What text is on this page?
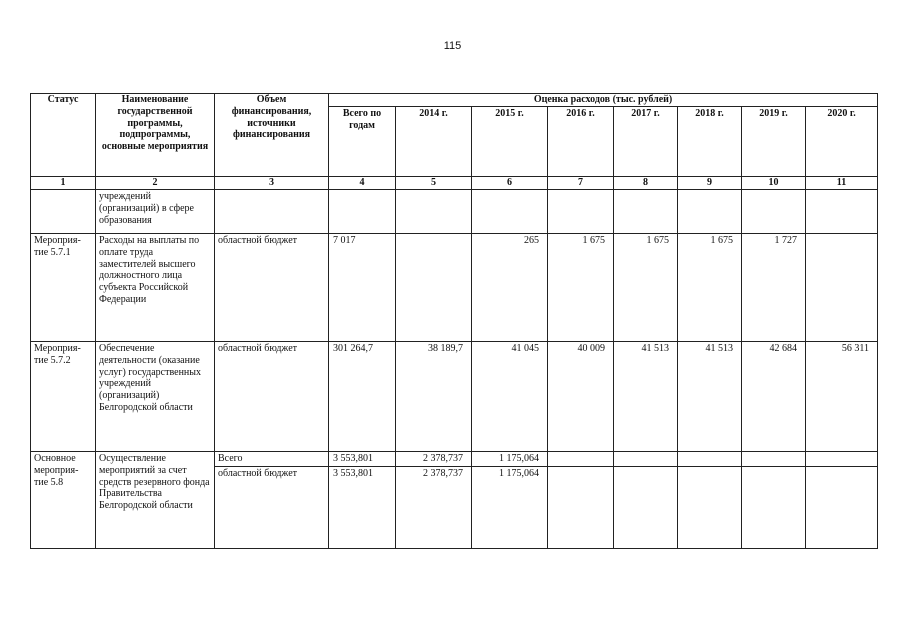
115
Статус	Наименование государственной программы, подпрограммы, основные мероприятия	Объем финансирования, источники финансирования	Оценка расходов (тыс. рублей)							
			Всего по годам	2014 г.	2015 г.	2016 г.	2017 г.	2018 г.	2019 г.	2020 г.
1	2	3	4	5	6	7	8	9	10	11
	учреждений (организаций) в сфере образования									
Мероприя-тие 5.7.1	Расходы на выплаты по оплате труда заместителей высшего должностного лица субъекта Российской Федерации	областной бюджет	7 017		265	1 675	1 675	1 675	1 727	
Мероприя-тие 5.7.2	Обеспечение деятельности (оказание услуг) государственных учреждений (организаций) Белгородской области	областной бюджет	301 264,7	38 189,7	41 045	40 009	41 513	41 513	42 684	56 311
Основное мероприя-тие 5.8	Осуществление мероприятий за счет средств резервного фонда Правительства Белгородской области	Всего	3 553,801	2 378,737	1 175,064					
		областной бюджет	3 553,801	2 378,737	1 175,064					
